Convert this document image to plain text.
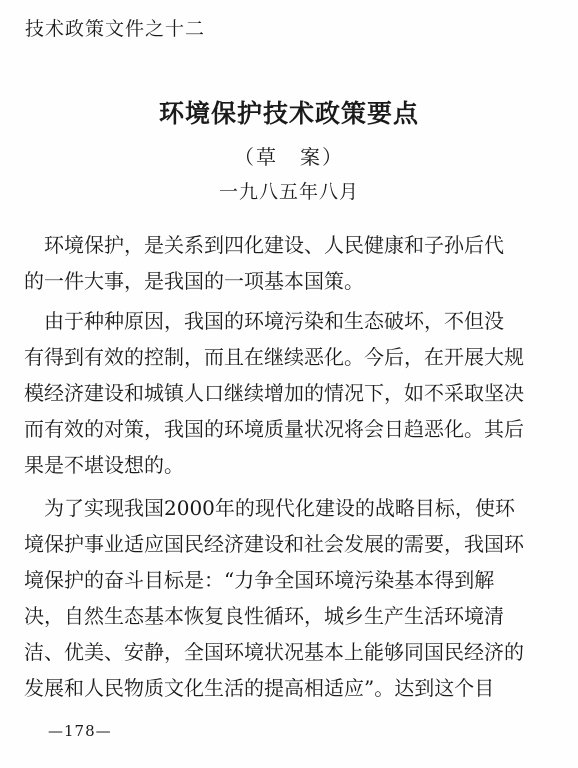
技术政策文件之十二
环境保护技术政策要点
（草　案）
一九八五年八月
　环境保护，是关系到四化建设、人民健康和子孙后代
的一件大事，是我国的一项基本国策。
　由于种种原因，我国的环境污染和生态破坏，不但没
有得到有效的控制，而且在继续恶化。今后，在开展大规
模经济建设和城镇人口继续增加的情况下，如不采取坚决
而有效的对策，我国的环境质量状况将会日趋恶化。其后
果是不堪设想的。
　为了实现我国2000年的现代化建设的战略目标，使环
境保护事业适应国民经济建设和社会发展的需要，我国环
境保护的奋斗目标是：“力争全国环境污染基本得到解
决，自然生态基本恢复良性循环，城乡生产生活环境清
洁、优美、安静，全国环境状况基本上能够同国民经济的
发展和人民物质文化生活的提高相适应”。达到这个目
—178—
